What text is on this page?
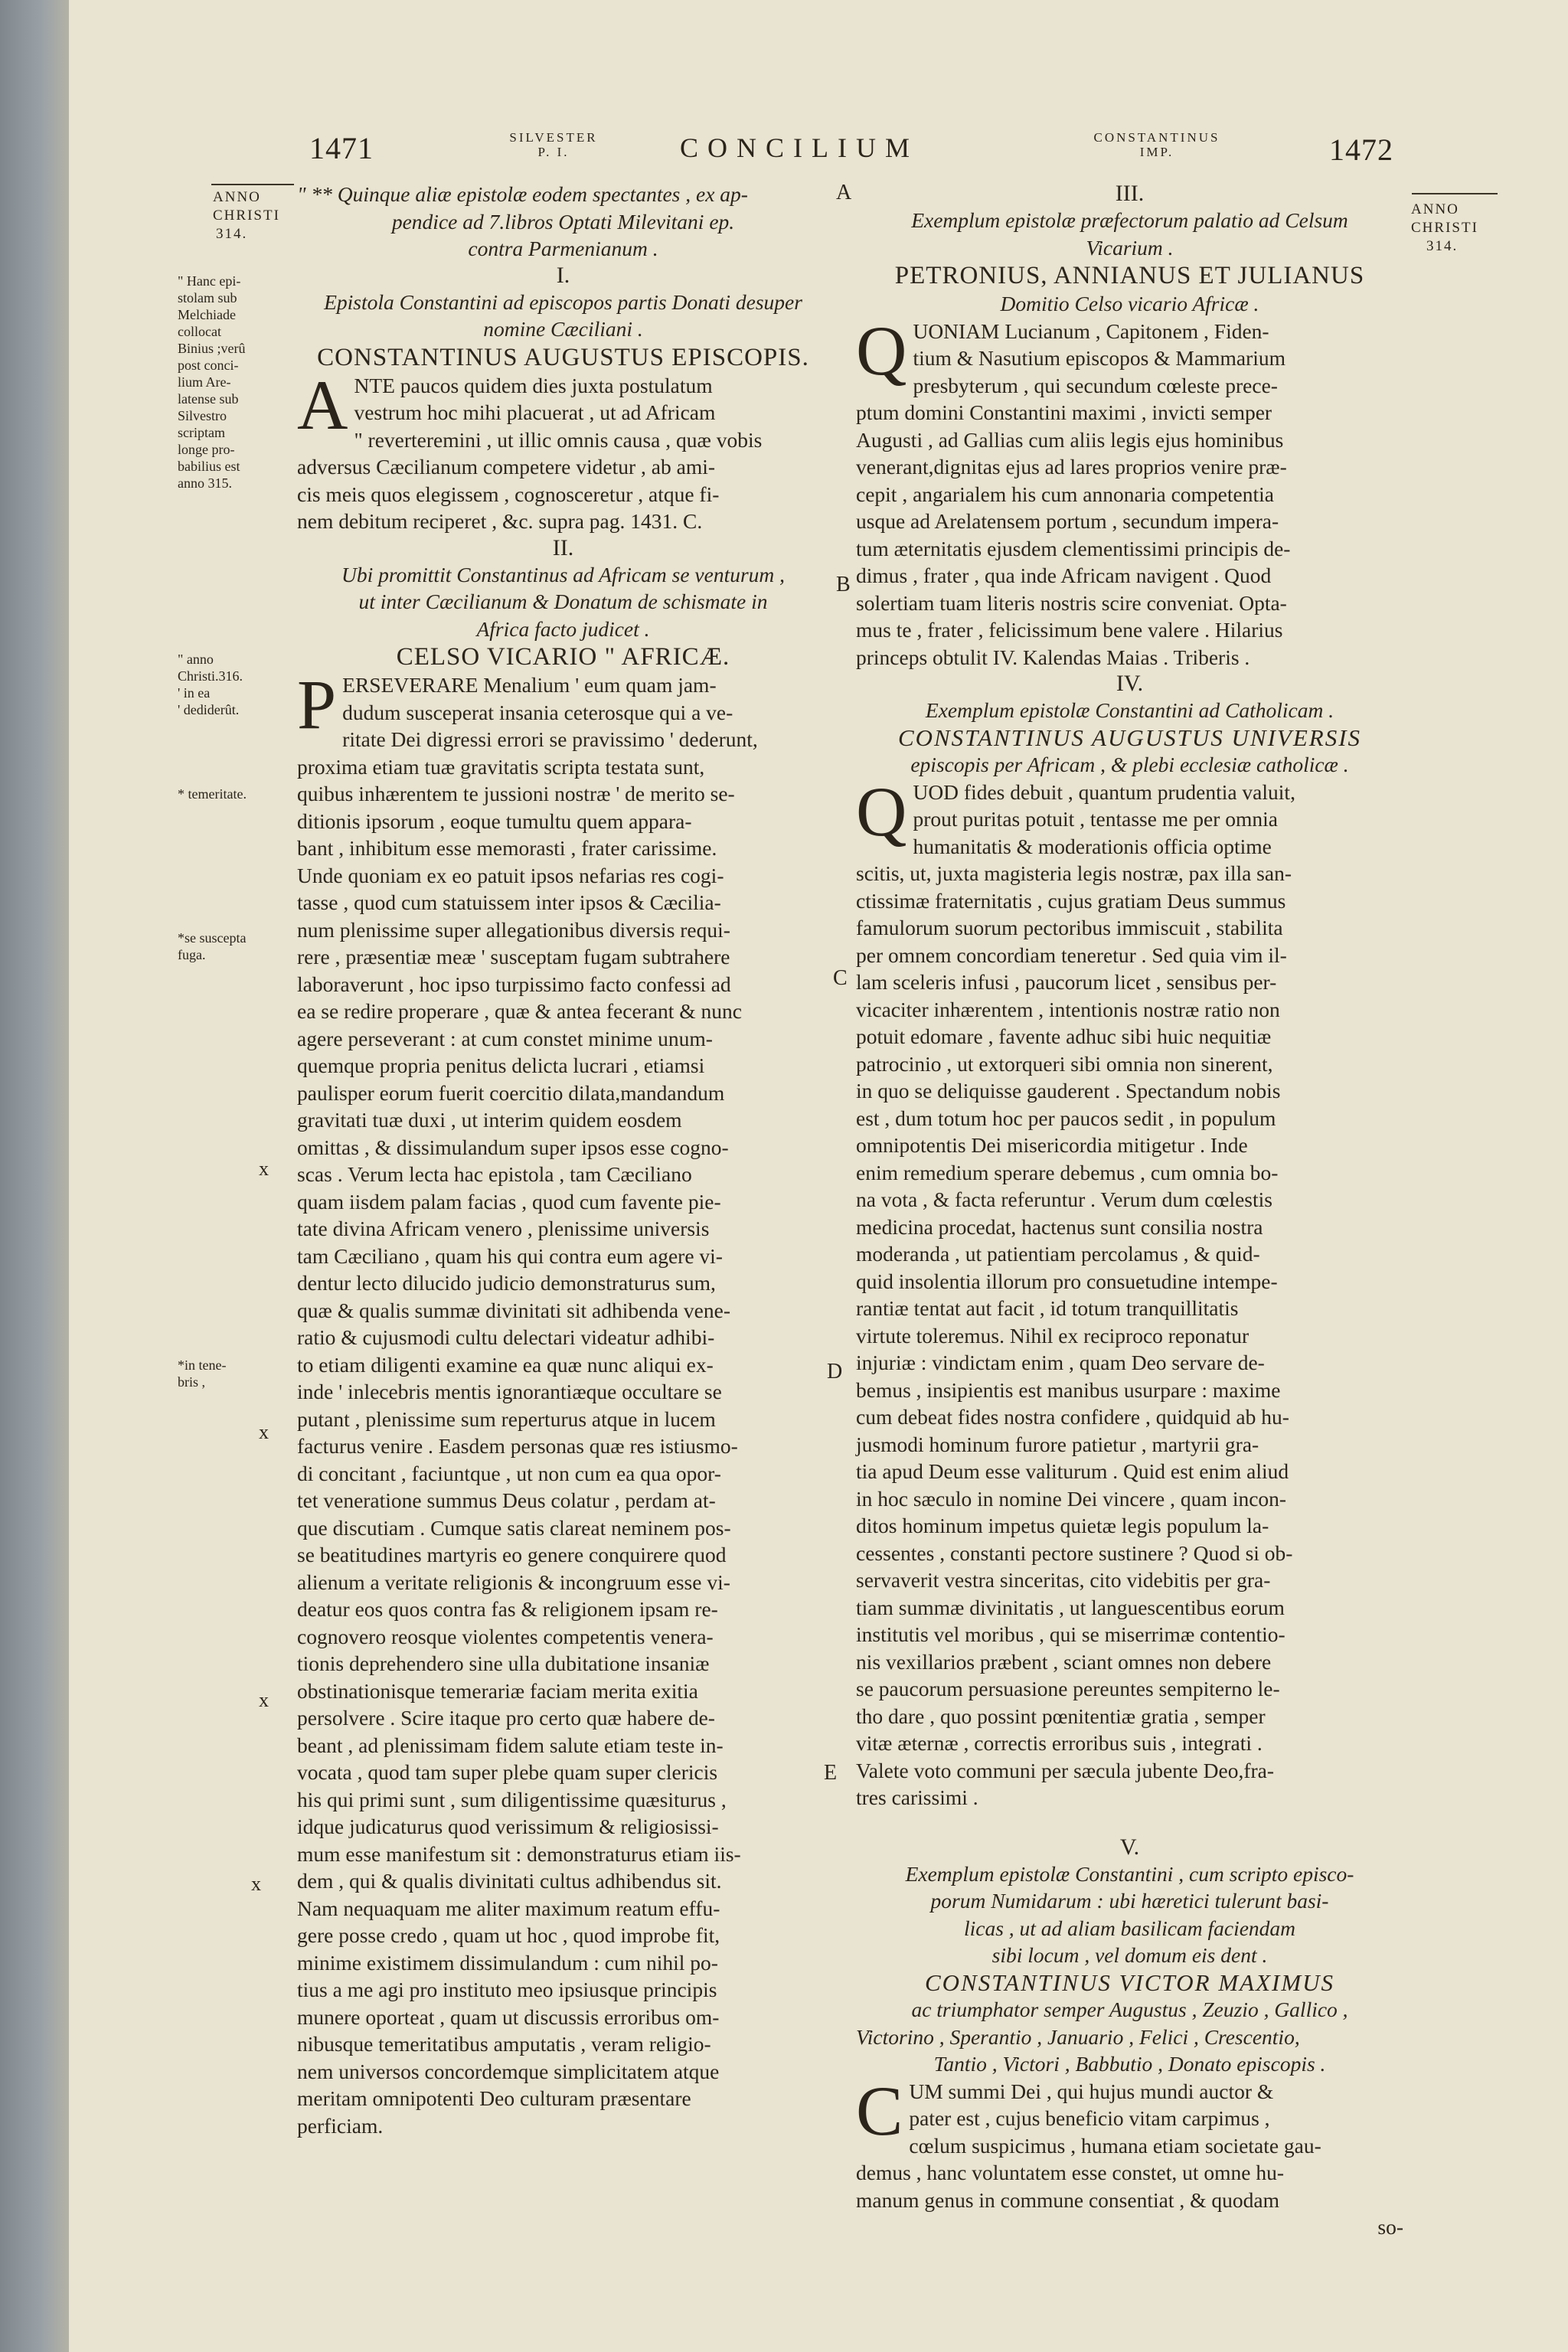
1471	SILVESTER
P. I.	CONCILIUM	CONSTANTINUS
IMP.	1472
ANNO
CHRISTI
314.
ANNO
CHRISTI
314.
" Hanc epi-
stolam sub
Melchiade
collocat
Binius ;verû
post conci-
lium Are-
latense sub
Silvestro
scriptam
longe pro-
babilius est
anno 315.
" anno
Christi.316.
' in ea
' dediderût.
* temeritate.
*se suscepta
fuga.
*in tene-
bris ,
x
x
x
x
A
B
C
D
E
" ** Quinque aliæ epistolæ eodem spectantes , ex ap-
pendice ad 7.libros Optati Milevitani ep.
contra Parmenianum .
I.
Epistola Constantini ad episcopos partis Donati desuper
nomine Cæciliani .
CONSTANTINUS AUGUSTUS EPISCOPIS.
A NTE paucos quidem dies juxta postulatum
vestrum hoc mihi placuerat , ut ad Africam
" reverteremini , ut illic omnis causa , quæ vobis
adversus Cæcilianum competere videtur , ab ami-
cis meis quos elegissem , cognosceretur , atque fi-
nem debitum reciperet , &c. supra pag. 1431. C.
II.
Ubi promittit Constantinus ad Africam se venturum ,
ut inter Cæcilianum & Donatum de schismate in
Africa facto judicet .
CELSO VICARIO " AFRICÆ.
P ERSEVERARE Menalium ' eum quam jam-
dudum susceperat insania ceterosque qui a ve-
ritate Dei digressi errori se pravissimo ' dederunt,
proxima etiam tuæ gravitatis scripta testata sunt,
quibus inhærentem te jussioni nostræ ' de merito se-
ditionis ipsorum , eoque tumultu quem appara-
bant , inhibitum esse memorasti , frater carissime.
Unde quoniam ex eo patuit ipsos nefarias res cogi-
tasse , quod cum statuissem inter ipsos & Cæcilia-
num plenissime super allegationibus diversis requi-
rere , præsentiæ meæ ' susceptam fugam subtrahere
laboraverunt , hoc ipso turpissimo facto confessi ad
ea se redire properare , quæ & antea fecerant & nunc
agere perseverant : at cum constet minime unum-
quemque propria penitus delicta lucrari , etiamsi
paulisper eorum fuerit coercitio dilata,mandandum
gravitati tuæ duxi , ut interim quidem eosdem
omittas , & dissimulandum super ipsos esse cogno-
scas . Verum lecta hac epistola , tam Cæciliano
quam iisdem palam facias , quod cum favente pie-
tate divina Africam venero , plenissime universis
tam Cæciliano , quam his qui contra eum agere vi-
dentur lecto dilucido judicio demonstraturus sum,
quæ & qualis summæ divinitati sit adhibenda vene-
ratio & cujusmodi cultu delectari videatur adhibi-
to etiam diligenti examine ea quæ nunc aliqui ex-
inde ' inlecebris mentis ignorantiæque occultare se
putant , plenissime sum reperturus atque in lucem
facturus venire . Easdem personas quæ res istiusmo-
di concitant , faciuntque , ut non cum ea qua opor-
tet veneratione summus Deus colatur , perdam at-
que discutiam . Cumque satis clareat neminem pos-
se beatitudines martyris eo genere conquirere quod
alienum a veritate religionis & incongruum esse vi-
deatur eos quos contra fas & religionem ipsam re-
cognovero reosque violentes competentis venera-
tionis deprehendero sine ulla dubitatione insaniæ
obstinationisque temerariæ faciam merita exitia
persolvere . Scire itaque pro certo quæ habere de-
beant , ad plenissimam fidem salute etiam teste in-
vocata , quod tam super plebe quam super clericis
his qui primi sunt , sum diligentissime quæsiturus ,
idque judicaturus quod verissimum & religiosissi-
mum esse manifestum sit : demonstraturus etiam iis-
dem , qui & qualis divinitati cultus adhibendus sit.
Nam nequaquam me aliter maximum reatum effu-
gere posse credo , quam ut hoc , quod improbe fit,
minime existimem dissimulandum : cum nihil po-
tius a me agi pro instituto meo ipsiusque principis
munere oporteat , quam ut discussis erroribus om-
nibusque temeritatibus amputatis , veram religio-
nem universos concordemque simplicitatem atque
meritam omnipotenti Deo culturam præsentare
perficiam.
III.
Exemplum epistolæ præfectorum palatio ad Celsum
Vicarium .
PETRONIUS, ANNIANUS ET JULIANUS
Domitio Celso vicario Africæ .
Q UONIAM Lucianum , Capitonem , Fiden-
tium & Nasutium episcopos & Mammarium
presbyterum , qui secundum cœleste prece-
ptum domini Constantini maximi , invicti semper
Augusti , ad Gallias cum aliis legis ejus hominibus
venerant,dignitas ejus ad lares proprios venire præ-
cepit , angarialem his cum annonaria competentia
usque ad Arelatensem portum , secundum impera-
tum æternitatis ejusdem clementissimi principis de-
dimus , frater , qua inde Africam navigent . Quod
solertiam tuam literis nostris scire conveniat. Opta-
mus te , frater , felicissimum bene valere . Hilarius
princeps obtulit IV. Kalendas Maias . Triberis .
IV.
Exemplum epistolæ Constantini ad Catholicam .
CONSTANTINUS AUGUSTUS UNIVERSIS
episcopis per Africam , & plebi ecclesiæ catholicæ .
Q UOD fides debuit , quantum prudentia valuit,
prout puritas potuit , tentasse me per omnia
humanitatis & moderationis officia optime
scitis, ut, juxta magisteria legis nostræ, pax illa san-
ctissimæ fraternitatis , cujus gratiam Deus summus
famulorum suorum pectoribus immiscuit , stabilita
per omnem concordiam teneretur . Sed quia vim il-
lam sceleris infusi , paucorum licet , sensibus per-
vicaciter inhærentem , intentionis nostræ ratio non
potuit edomare , favente adhuc sibi huic nequitiæ
patrocinio , ut extorqueri sibi omnia non sinerent,
in quo se deliquisse gauderent . Spectandum nobis
est , dum totum hoc per paucos sedit , in populum
omnipotentis Dei misericordia mitigetur . Inde
enim remedium sperare debemus , cum omnia bo-
na vota , & facta referuntur . Verum dum cœlestis
medicina procedat, hactenus sunt consilia nostra
moderanda , ut patientiam percolamus , & quid-
quid insolentia illorum pro consuetudine intempe-
rantiæ tentat aut facit , id totum tranquillitatis
virtute toleremus. Nihil ex reciproco reponatur
injuriæ : vindictam enim , quam Deo servare de-
bemus , insipientis est manibus usurpare : maxime
cum debeat fides nostra confidere , quidquid ab hu-
jusmodi hominum furore patietur , martyrii gra-
tia apud Deum esse valiturum . Quid est enim aliud
in hoc sæculo in nomine Dei vincere , quam incon-
ditos hominum impetus quietæ legis populum la-
cessentes , constanti pectore sustinere ? Quod si ob-
servaverit vestra sinceritas, cito videbitis per gra-
tiam summæ divinitatis , ut languescentibus eorum
institutis vel moribus , qui se miserrimæ contentio-
nis vexillarios præbent , sciant omnes non debere
se paucorum persuasione pereuntes sempiterno le-
tho dare , quo possint pœnitentiæ gratia , semper
vitæ æternæ , correctis erroribus suis , integrati .
Valete voto communi per sæcula jubente Deo,fra-
tres carissimi .
V.
Exemplum epistolæ Constantini , cum scripto episco-
porum Numidarum : ubi hæretici tulerunt basi-
licas , ut ad aliam basilicam faciendam
sibi locum , vel domum eis dent .
CONSTANTINUS VICTOR MAXIMUS
ac triumphator semper Augustus , Zeuzio , Gallico ,
Victorino , Sperantio , Januario , Felici , Crescentio,
Tantio , Victori , Babbutio , Donato episcopis .
C UM summi Dei , qui hujus mundi auctor &
pater est , cujus beneficio vitam carpimus ,
cœlum suspicimus , humana etiam societate gau-
demus , hanc voluntatem esse constet, ut omne hu-
manum genus in commune consentiat , & quodam
so-
